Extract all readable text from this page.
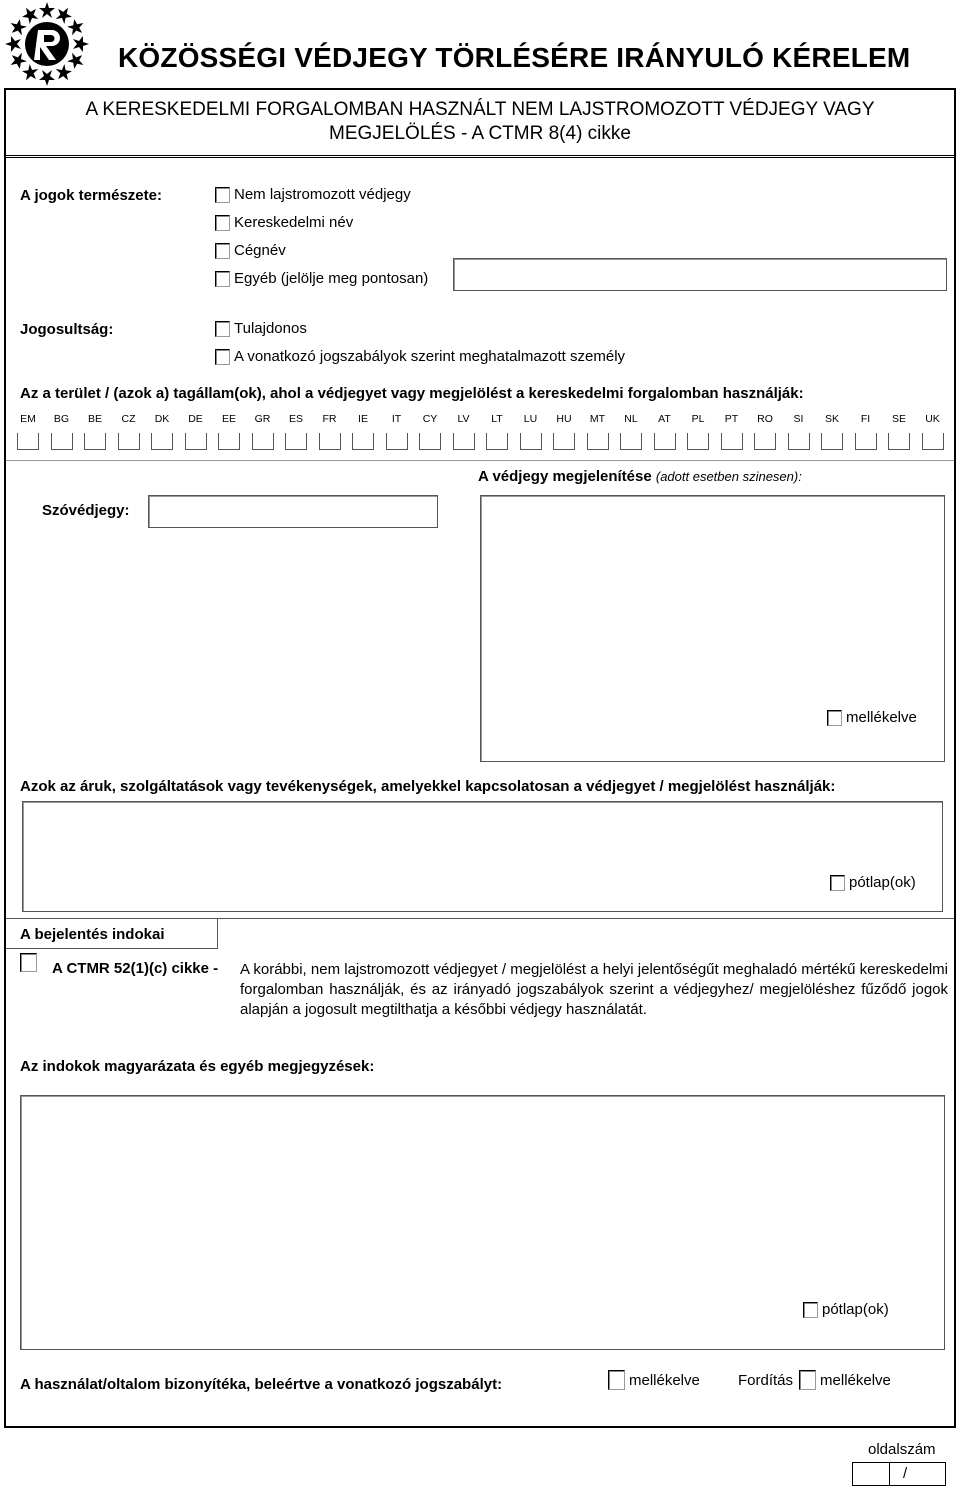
KÖZÖSSÉGI VÉDJEGY TÖRLÉSÉRE IRÁNYULÓ KÉRELEM
A KERESKEDELMI FORGALOMBAN HASZNÁLT NEM LAJSTROMOZOTT VÉDJEGY VAGY
MEGJELÖLÉS - A CTMR 8(4) cikke
A jogok természete:	Nem lajstromozott védjegy
Kereskedelmi név
Cégnév
Egyéb (jelölje meg pontosan)
Jogosultság:	Tulajdonos
A vonatkozó jogszabályok szerint meghatalmazott személy
Az a terület / (azok a) tagállam(ok), ahol a védjegyet vagy megjelölést a kereskedelmi forgalomban használják:
EM	BG	BE	CZ	DK	DE	EE	GR	ES	FR	IE	IT	CY	LV	LT	LU	HU	MT	NL	AT	PL	PT	RO	SI	SK	FI	SE	UK
A védjegy megjelenítése (adott esetben szinesen):
Szóvédjegy:
mellékelve
Azok az áruk, szolgáltatások vagy tevékenységek, amelyekkel kapcsolatosan a védjegyet / megjelölést használják:
pótlap(ok)
A bejelentés indokai
A CTMR 52(1)(c) cikke - A korábbi, nem lajstromozott védjegyet / megjelölést a helyi jelentőségűt meghaladó mértékű kereskedelmi forgalomban használják, és az irányadó jogszabályok szerint a védjegyhez/ megjelöléshez fűződő jogok alapján a jogosult megtilthatja a későbbi védjegy használatát.
Az indokok magyarázata és egyéb megjegyzések:
pótlap(ok)
A használat/oltalom bizonyítéka, beleértve a vonatkozó jogszabályt:	mellékelve	Fordítás mellékelve
oldalszám
/
